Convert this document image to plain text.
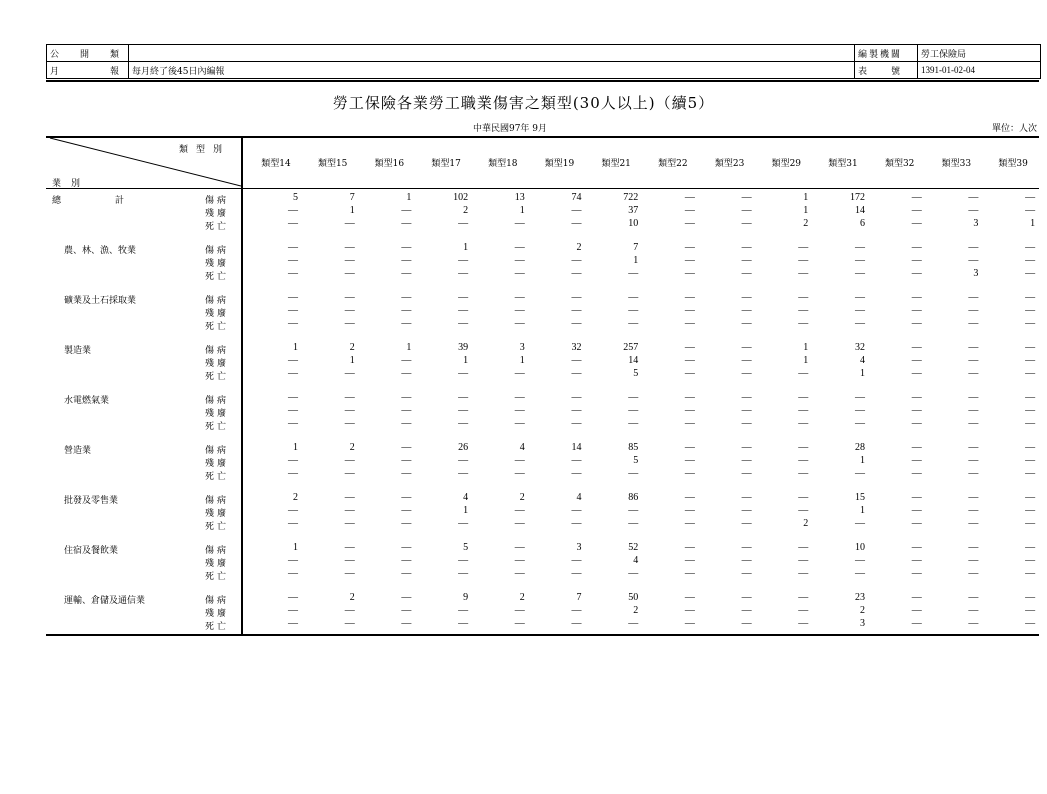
公　開　類	
月　　　報	每月終了後45日內編報
編製機關	勞工保險局
表　　號	1391-01-02-04
勞工保險各業勞工職業傷害之類型(30人以上)（續5）
中華民國97年 9月	單位：人次
類型別
業別
類型14	類型15	類型16	類型17	類型18	類型19	類型21	類型22	類型23	類型29	類型31	類型32	類型33	類型39
總　　　　　　計	傷病	5	7	1	102	13	74	722	—	—	1	172	—	—	—
殘廢	—	1	—	2	1	—	37	—	—	1	14	—	—	—
死亡	—	—	—	—	—	—	10	—	—	2	6	—	3	1
農、林、漁、牧業	傷病	—	—	—	1	—	2	7	—	—	—	—	—	—	—
殘廢	—	—	—	—	—	—	1	—	—	—	—	—	—	—
死亡	—	—	—	—	—	—	—	—	—	—	—	—	3	—
礦業及土石採取業	傷病	—	—	—	—	—	—	—	—	—	—	—	—	—	—
殘廢	—	—	—	—	—	—	—	—	—	—	—	—	—	—
死亡	—	—	—	—	—	—	—	—	—	—	—	—	—	—
製造業	傷病	1	2	1	39	3	32	257	—	—	1	32	—	—	—
殘廢	—	1	—	1	1	—	14	—	—	1	4	—	—	—
死亡	—	—	—	—	—	—	5	—	—	—	1	—	—	—
水電燃氣業	傷病	—	—	—	—	—	—	—	—	—	—	—	—	—	—
殘廢	—	—	—	—	—	—	—	—	—	—	—	—	—	—
死亡	—	—	—	—	—	—	—	—	—	—	—	—	—	—
營造業	傷病	1	2	—	26	4	14	85	—	—	—	28	—	—	—
殘廢	—	—	—	—	—	—	5	—	—	—	1	—	—	—
死亡	—	—	—	—	—	—	—	—	—	—	—	—	—	—
批發及零售業	傷病	2	—	—	4	2	4	86	—	—	—	15	—	—	—
殘廢	—	—	—	1	—	—	—	—	—	—	1	—	—	—
死亡	—	—	—	—	—	—	—	—	—	2	—	—	—	—
住宿及餐飲業	傷病	1	—	—	5	—	3	52	—	—	—	10	—	—	—
殘廢	—	—	—	—	—	—	4	—	—	—	—	—	—	—
死亡	—	—	—	—	—	—	—	—	—	—	—	—	—	—
運輸、倉儲及通信業	傷病	—	2	—	9	2	7	50	—	—	—	23	—	—	—
殘廢	—	—	—	—	—	—	2	—	—	—	2	—	—	—
死亡	—	—	—	—	—	—	—	—	—	—	3	—	—	—
